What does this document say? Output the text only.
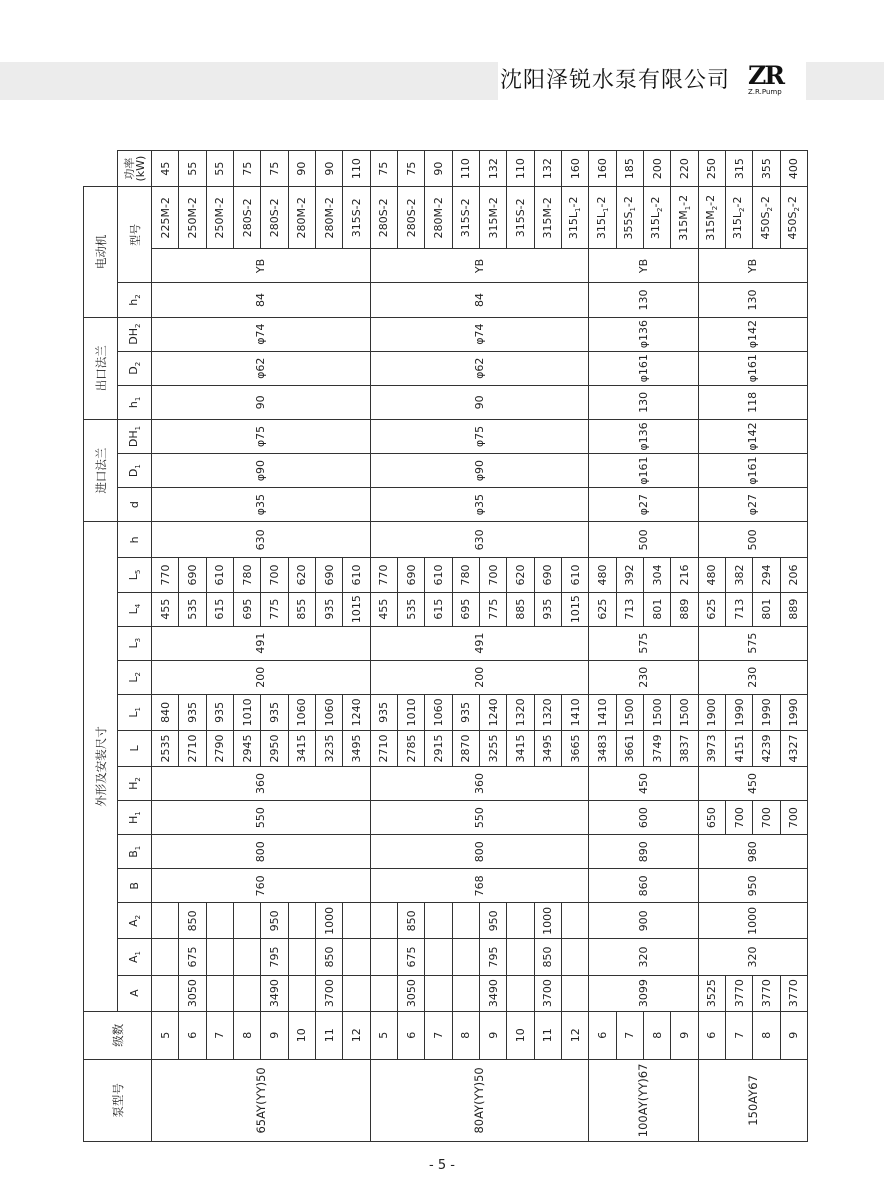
沈阳泽锐水泵有限公司 ZR
Z.R.Pump
泵型号	级数	外形及安装尺寸														进口法兰			出口法兰			电动机			
		A	$A_1$	$A_2$	B	$B_1$	$H_1$	$H_2$	L	$L_1$	$L_2$	$L_3$	$L_4$	$L_5$	h	d	$D_1$	$DH_1$	$h_1$	$D_2$	$DH_2$	$h_2$	型号		功率
(kW)
65AY(YY)50	5				760	800	550	360	2535	840	200	491	455	770	630	φ35	φ90	φ75	90	φ62	φ74	84	YB	225M-2	45
	6	3050	675	850					2710	935			535	690										250M-2	55
	7								2790	935			615	610										250M-2	55
	8								2945	1010			695	780										280S-2	75
	9	3490	795	950					2950	935			775	700										280S-2	75
	10								3415	1060			855	620										280M-2	90
	11	3700	850	1000					3235	1060			935	690										280M-2	90
	12								3495	1240			1015	610										315S-2	110
80AY(YY)50	5				768	800	550	360	2710	935	200	491	455	770	630	φ35	φ90	φ75	90	φ62	φ74	84	YB	280S-2	75
	6	3050	675	850					2785	1010			535	690										280S-2	75
	7								2915	1060			615	610										280M-2	90
	8								2870	935			695	780										315S-2	110
	9	3490	795	950					3255	1240			775	700										315M-2	132
	10								3415	1320			885	620										315S-2	110
	11	3700	850	1000					3495	1320			935	690										315M-2	132
	12								3665	1410			1015	610										$315L_1-2$	160
100AY(YY)67	6	3099	320	900	860	890	600	450	3483	1410	230	575	625	480	500	φ27	φ161	φ136	130	φ161	φ136	130	YB	$315L_1-2$	160
	7								3661	1500			713	392										$355S_1-2$	185
	8								3749	1500			801	304										$315L_2-2$	200
	9								3837	1500			889	216										$315M_1-2$	220
150AY67	6	3525	320	1000	950	980	650	450	3973	1900	230	575	625	480	500	φ27	φ161	φ142	118	φ161	φ142	130	YB	$315M_2-2$	250
	7	3770					700		4151	1990			713	382										$315L_2-2$	315
	8	3770					700		4239	1990			801	294										$450S_2-2$	355
	9	3770					700		4327	1990			889	206										$450S_2-2$	400
- 5 -
